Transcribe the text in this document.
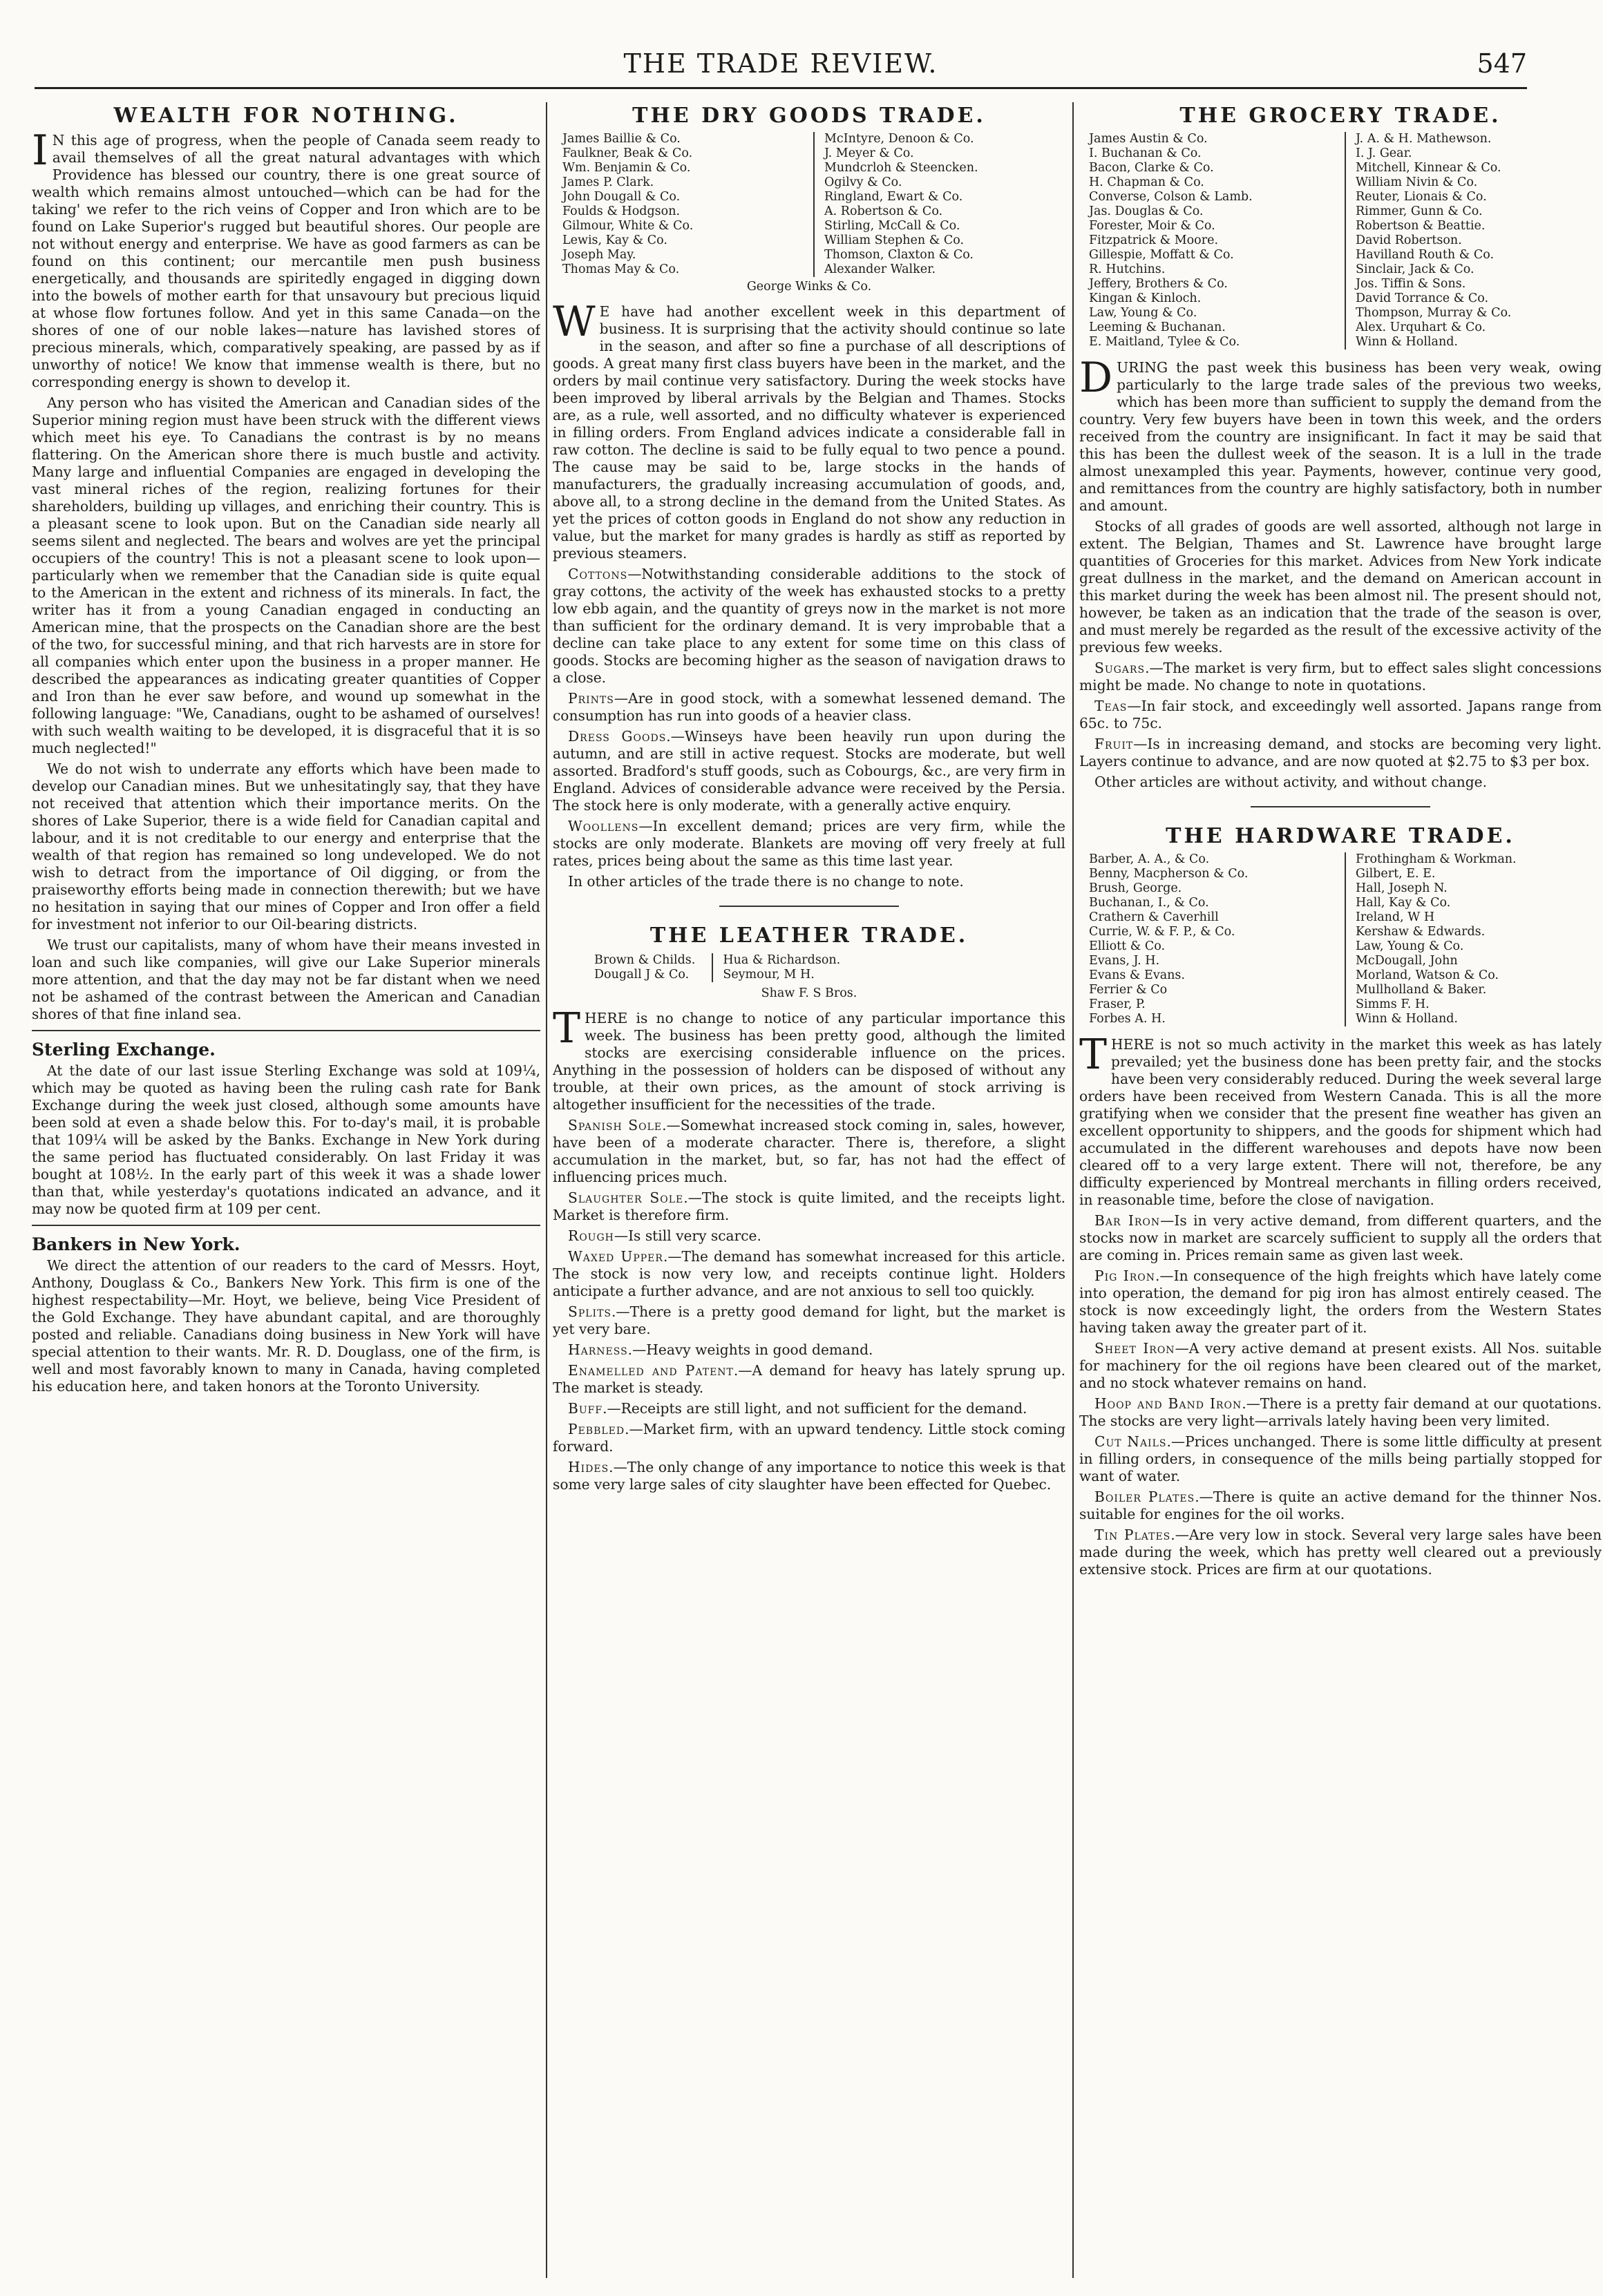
THE TRADE REVIEW.	547
WEALTH FOR NOTHING.

I N this age of progress, when the people of Canada seem ready to avail themselves of all the great natural advantages with which Providence has blessed our country, there is one great source of wealth which remains almost untouched—which can be had for the taking' we refer to the rich veins of Copper and Iron which are to be found on Lake Superior's rugged but beautiful shores. Our people are not without energy and enterprise. We have as good farmers as can be found on this continent; our mercantile men push business energetically, and thousands are spiritedly engaged in digging down into the bowels of mother earth for that unsavoury but precious liquid at whose flow fortunes follow. And yet in this same Canada—on the shores of one of our noble lakes—nature has lavished stores of precious minerals, which, comparatively speaking, are passed by as if unworthy of notice! We know that immense wealth is there, but no corresponding energy is shown to develop it.

Any person who has visited the American and Canadian sides of the Superior mining region must have been struck with the different views which meet his eye. To Canadians the contrast is by no means flattering. On the American shore there is much bustle and activity. Many large and influential Companies are engaged in developing the vast mineral riches of the region, realizing fortunes for their shareholders, building up villages, and enriching their country. This is a pleasant scene to look upon. But on the Canadian side nearly all seems silent and neglected. The bears and wolves are yet the principal occupiers of the country! This is not a pleasant scene to look upon—particularly when we remember that the Canadian side is quite equal to the American in the extent and richness of its minerals. In fact, the writer has it from a young Canadian engaged in conducting an American mine, that the prospects on the Canadian shore are the best of the two, for successful mining, and that rich harvests are in store for all companies which enter upon the business in a proper manner. He described the appearances as indicating greater quantities of Copper and Iron than he ever saw before, and wound up somewhat in the following language: "We, Canadians, ought to be ashamed of ourselves! with such wealth waiting to be developed, it is disgraceful that it is so much neglected!"

We do not wish to underrate any efforts which have been made to develop our Canadian mines. But we unhesitatingly say, that they have not received that attention which their importance merits. On the shores of Lake Superior, there is a wide field for Canadian capital and labour, and it is not creditable to our energy and enterprise that the wealth of that region has remained so long undeveloped. We do not wish to detract from the importance of Oil digging, or from the praiseworthy efforts being made in connection therewith; but we have no hesitation in saying that our mines of Copper and Iron offer a field for investment not inferior to our Oil-bearing districts.

We trust our capitalists, many of whom have their means invested in loan and such like companies, will give our Lake Superior minerals more attention, and that the day may not be far distant when we need not be ashamed of the contrast between the American and Canadian shores of that fine inland sea.

Sterling Exchange.

At the date of our last issue Sterling Exchange was sold at 109¼, which may be quoted as having been the ruling cash rate for Bank Exchange during the week just closed, although some amounts have been sold at even a shade below this. For to-day's mail, it is probable that 109¼ will be asked by the Banks. Exchange in New York during the same period has fluctuated considerably. On last Friday it was bought at 108½. In the early part of this week it was a shade lower than that, while yesterday's quotations indicated an advance, and it may now be quoted firm at 109 per cent.

Bankers in New York.

We direct the attention of our readers to the card of Messrs. Hoyt, Anthony, Douglass & Co., Bankers New York. This firm is one of the highest respectability—Mr. Hoyt, we believe, being Vice President of the Gold Exchange. They have abundant capital, and are thoroughly posted and reliable. Canadians doing business in New York will have special attention to their wants. Mr. R. D. Douglass, one of the firm, is well and most favorably known to many in Canada, having completed his education here, and taken honors at the Toronto University.

THE DRY GOODS TRADE.
James Baillie & Co.
Faulkner, Beak & Co.
Wm. Benjamin & Co.
James P. Clark.
John Dougall & Co.
Foulds & Hodgson.
Gilmour, White & Co.
Lewis, Kay & Co.
Joseph May.
Thomas May & Co.
McIntyre, Denoon & Co.
J. Meyer & Co.
Mundcrloh & Steencken.
Ogilvy & Co.
Ringland, Ewart & Co.
A. Robertson & Co.
Stirling, McCall & Co.
William Stephen & Co.
Thomson, Claxton & Co.
Alexander Walker.
George Winks & Co.

W E have had another excellent week in this department of business. It is surprising that the activity should continue so late in the season, and after so fine a purchase of all descriptions of goods. A great many first class buyers have been in the market, and the orders by mail continue very satisfactory. During the week stocks have been improved by liberal arrivals by the Belgian and Thames. Stocks are, as a rule, well assorted, and no difficulty whatever is experienced in filling orders. From England advices indicate a considerable fall in raw cotton. The decline is said to be fully equal to two pence a pound. The cause may be said to be, large stocks in the hands of manufacturers, the gradually increasing accumulation of goods, and, above all, to a strong decline in the demand from the United States. As yet the prices of cotton goods in England do not show any reduction in value, but the market for many grades is hardly as stiff as reported by previous steamers.

Cottons—Notwithstanding considerable additions to the stock of gray cottons, the activity of the week has exhausted stocks to a pretty low ebb again, and the quantity of greys now in the market is not more than sufficient for the ordinary demand. It is very improbable that a decline can take place to any extent for some time on this class of goods. Stocks are becoming higher as the season of navigation draws to a close.

Prints—Are in good stock, with a somewhat lessened demand. The consumption has run into goods of a heavier class.

Dress Goods.—Winseys have been heavily run upon during the autumn, and are still in active request. Stocks are moderate, but well assorted. Bradford's stuff goods, such as Cobourgs, &c., are very firm in England. Advices of considerable advance were received by the Persia. The stock here is only moderate, with a generally active enquiry.

Woollens—In excellent demand; prices are very firm, while the stocks are only moderate. Blankets are moving off very freely at full rates, prices being about the same as this time last year.

In other articles of the trade there is no change to note.

THE LEATHER TRADE.
Brown & Childs.
Dougall J & Co.
Hua & Richardson.
Seymour, M H.
Shaw F. S Bros.

THERE is no change to notice of any particular importance this week. The business has been pretty good, although the limited stocks are exercising considerable influence on the prices. Anything in the possession of holders can be disposed of without any trouble, at their own prices, as the amount of stock arriving is altogether insufficient for the necessities of the trade.

Spanish Sole.—Somewhat increased stock coming in, sales, however, have been of a moderate character. There is, therefore, a slight accumulation in the market, but, so far, has not had the effect of influencing prices much.

Slaughter Sole.—The stock is quite limited, and the receipts light. Market is therefore firm.

Rough—Is still very scarce.

Waxed Upper.—The demand has somewhat increased for this article. The stock is now very low, and receipts continue light. Holders anticipate a further advance, and are not anxious to sell too quickly.

Splits.—There is a pretty good demand for light, but the market is yet very bare.

Harness.—Heavy weights in good demand.

Enamelled and Patent.—A demand for heavy has lately sprung up. The market is steady.

Buff.—Receipts are still light, and not sufficient for the demand.

Pebbled.—Market firm, with an upward tendency. Little stock coming forward.

Hides.—The only change of any importance to notice this week is that some very large sales of city slaughter have been effected for Quebec.

THE GROCERY TRADE.
James Austin & Co.
I. Buchanan & Co.
Bacon, Clarke & Co.
H. Chapman & Co.
Converse, Colson & Lamb.
Jas. Douglas & Co.
Forester, Moir & Co.
Fitzpatrick & Moore.
Gillespie, Moffatt & Co.
R. Hutchins.
Jeffery, Brothers & Co.
Kingan & Kinloch.
Law, Young & Co.
Leeming & Buchanan.
E. Maitland, Tylee & Co.
J. A. & H. Mathewson.
I. J. Gear.
Mitchell, Kinnear & Co.
William Nivin & Co.
Reuter, Lionais & Co.
Rimmer, Gunn & Co.
Robertson & Beattie.
David Robertson.
Havilland Routh & Co.
Sinclair, Jack & Co.
Jos. Tiffin & Sons.
David Torrance & Co.
Thompson, Murray & Co.
Alex. Urquhart & Co.
Winn & Holland.

DURING the past week this business has been very weak, owing particularly to the large trade sales of the previous two weeks, which has been more than sufficient to supply the demand from the country. Very few buyers have been in town this week, and the orders received from the country are insignificant. In fact it may be said that this has been the dullest week of the season. It is a lull in the trade almost unexampled this year. Payments, however, continue very good, and remittances from the country are highly satisfactory, both in number and amount.

Stocks of all grades of goods are well assorted, although not large in extent. The Belgian, Thames and St. Lawrence have brought large quantities of Groceries for this market. Advices from New York indicate great dullness in the market, and the demand on American account in this market during the week has been almost nil. The present should not, however, be taken as an indication that the trade of the season is over, and must merely be regarded as the result of the excessive activity of the previous few weeks.

Sugars.—The market is very firm, but to effect sales slight concessions might be made. No change to note in quotations.

Teas—In fair stock, and exceedingly well assorted. Japans range from 65c. to 75c.

Fruit—Is in increasing demand, and stocks are becoming very light. Layers continue to advance, and are now quoted at $2.75 to $3 per box.

Other articles are without activity, and without change.

THE HARDWARE TRADE.
Barber, A. A., & Co.
Benny, Macpherson & Co.
Brush, George.
Buchanan, I., & Co.
Crathern & Caverhill
Currie, W. & F. P., & Co.
Elliott & Co.
Evans, J. H.
Evans & Evans.
Ferrier & Co
Fraser, P.
Forbes A. H.
Frothingham & Workman.
Gilbert, E. E.
Hall, Joseph N.
Hall, Kay & Co.
Ireland, W H
Kershaw & Edwards.
Law, Young & Co.
McDougall, John
Morland, Watson & Co.
Mullholland & Baker.
Simms F. H.
Winn & Holland.

THERE is not so much activity in the market this week as has lately prevailed; yet the business done has been pretty fair, and the stocks have been very considerably reduced. During the week several large orders have been received from Western Canada. This is all the more gratifying when we consider that the present fine weather has given an excellent opportunity to shippers, and the goods for shipment which had accumulated in the different warehouses and depots have now been cleared off to a very large extent. There will not, therefore, be any difficulty experienced by Montreal merchants in filling orders received, in reasonable time, before the close of navigation.

Bar Iron—Is in very active demand, from different quarters, and the stocks now in market are scarcely sufficient to supply all the orders that are coming in. Prices remain same as given last week.

Pig Iron.—In consequence of the high freights which have lately come into operation, the demand for pig iron has almost entirely ceased. The stock is now exceedingly light, the orders from the Western States having taken away the greater part of it.

Sheet Iron—A very active demand at present exists. All Nos. suitable for machinery for the oil regions have been cleared out of the market, and no stock whatever remains on hand.

Hoop and Band Iron.—There is a pretty fair demand at our quotations. The stocks are very light—arrivals lately having been very limited.

Cut Nails.—Prices unchanged. There is some little difficulty at present in filling orders, in consequence of the mills being partially stopped for want of water.

Boiler Plates.—There is quite an active demand for the thinner Nos. suitable for engines for the oil works.

Tin Plates.—Are very low in stock. Several very large sales have been made during the week, which has pretty well cleared out a previously extensive stock. Prices are firm at our quotations.
